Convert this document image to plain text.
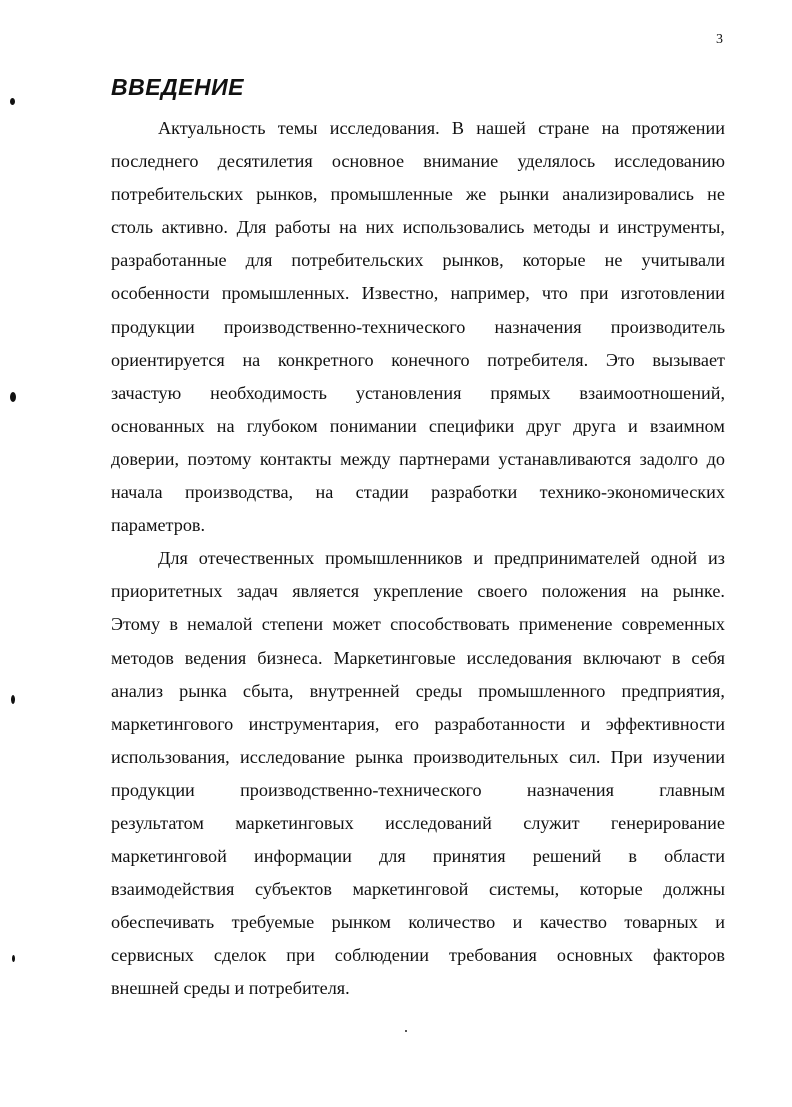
3
ВВЕДЕНИЕ
Актуальность темы исследования. В нашей стране на протяжении
последнего десятилетия основное внимание уделялось исследованию
потребительских рынков, промышленные же рынки анализировались не
столь активно. Для работы на них использовались методы и инструменты,
разработанные для потребительских рынков, которые не учитывали
особенности промышленных. Известно, например, что при изготовлении
продукции производственно-технического назначения производитель
ориентируется на конкретного конечного потребителя. Это вызывает
зачастую необходимость установления прямых взаимоотношений,
основанных на глубоком понимании специфики друг друга и взаимном
доверии, поэтому контакты между партнерами устанавливаются задолго до
начала производства, на стадии разработки технико-экономических
параметров.
Для отечественных промышленников и предпринимателей одной из
приоритетных задач является укрепление своего положения на рынке.
Этому в немалой степени может способствовать применение современных
методов ведения бизнеса. Маркетинговые исследования включают в себя
анализ рынка сбыта, внутренней среды промышленного предприятия,
маркетингового инструментария, его разработанности и эффективности
использования, исследование рынка производительных сил. При изучении
продукции производственно-технического назначения главным
результатом маркетинговых исследований служит генерирование
маркетинговой информации для принятия решений в области
взаимодействия субъектов маркетинговой системы, которые должны
обеспечивать требуемые рынком количество и качество товарных и
сервисных сделок при соблюдении требования основных факторов
внешней среды и потребителя.
